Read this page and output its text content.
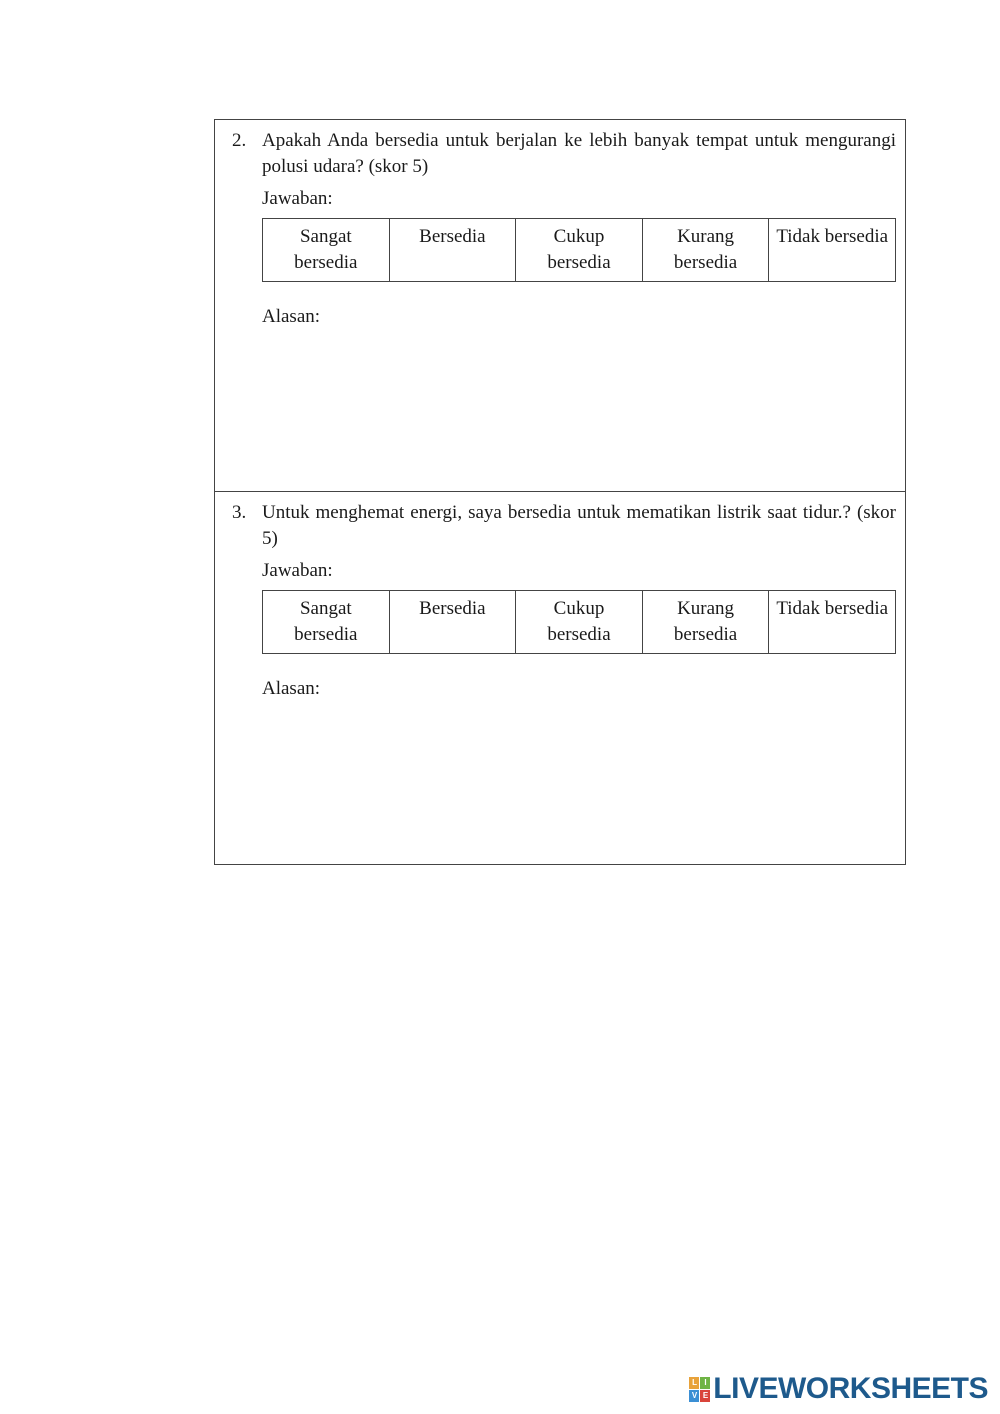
2. Apakah Anda bersedia untuk berjalan ke lebih banyak tempat untuk mengurangi polusi udara? (skor 5)

Jawaban:
Sangat bersedia	Bersedia	Cukup bersedia	Kurang bersedia	Tidak bersedia
Alasan:
3. Untuk menghemat energi, saya bersedia untuk mematikan listrik saat tidur.? (skor 5)

Jawaban:
Sangat bersedia	Bersedia	Cukup bersedia	Kurang bersedia	Tidak bersedia
Alasan:
L I
V E LIVEWORKSHEETS
